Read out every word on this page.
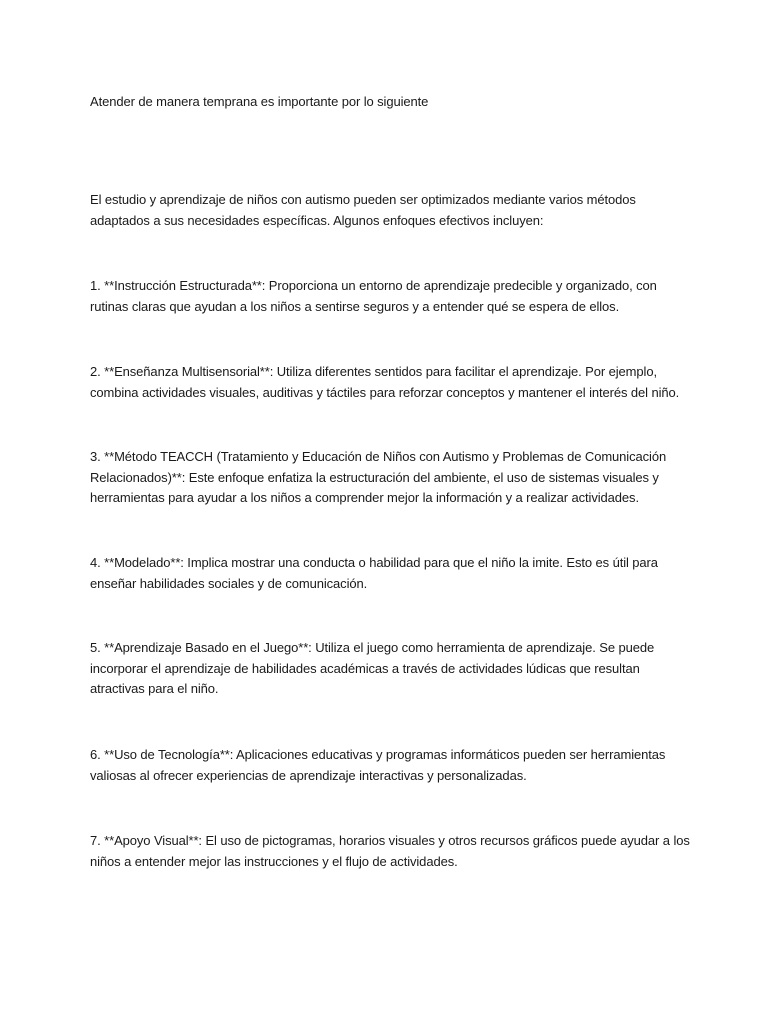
Atender de manera temprana es importante por lo siguiente

El estudio y aprendizaje de niños con autismo pueden ser optimizados mediante varios métodos adaptados a sus necesidades específicas. Algunos enfoques efectivos incluyen:

1. **Instrucción Estructurada**: Proporciona un entorno de aprendizaje predecible y organizado, con rutinas claras que ayudan a los niños a sentirse seguros y a entender qué se espera de ellos.

2. **Enseñanza Multisensorial**: Utiliza diferentes sentidos para facilitar el aprendizaje. Por ejemplo, combina actividades visuales, auditivas y táctiles para reforzar conceptos y mantener el interés del niño.

3. **Método TEACCH (Tratamiento y Educación de Niños con Autismo y Problemas de Comunicación Relacionados)**: Este enfoque enfatiza la estructuración del ambiente, el uso de sistemas visuales y herramientas para ayudar a los niños a comprender mejor la información y a realizar actividades.

4. **Modelado**: Implica mostrar una conducta o habilidad para que el niño la imite. Esto es útil para enseñar habilidades sociales y de comunicación.

5. **Aprendizaje Basado en el Juego**: Utiliza el juego como herramienta de aprendizaje. Se puede incorporar el aprendizaje de habilidades académicas a través de actividades lúdicas que resultan atractivas para el niño.

6. **Uso de Tecnología**: Aplicaciones educativas y programas informáticos pueden ser herramientas valiosas al ofrecer experiencias de aprendizaje interactivas y personalizadas.

7. **Apoyo Visual**: El uso de pictogramas, horarios visuales y otros recursos gráficos puede ayudar a los niños a entender mejor las instrucciones y el flujo de actividades.
